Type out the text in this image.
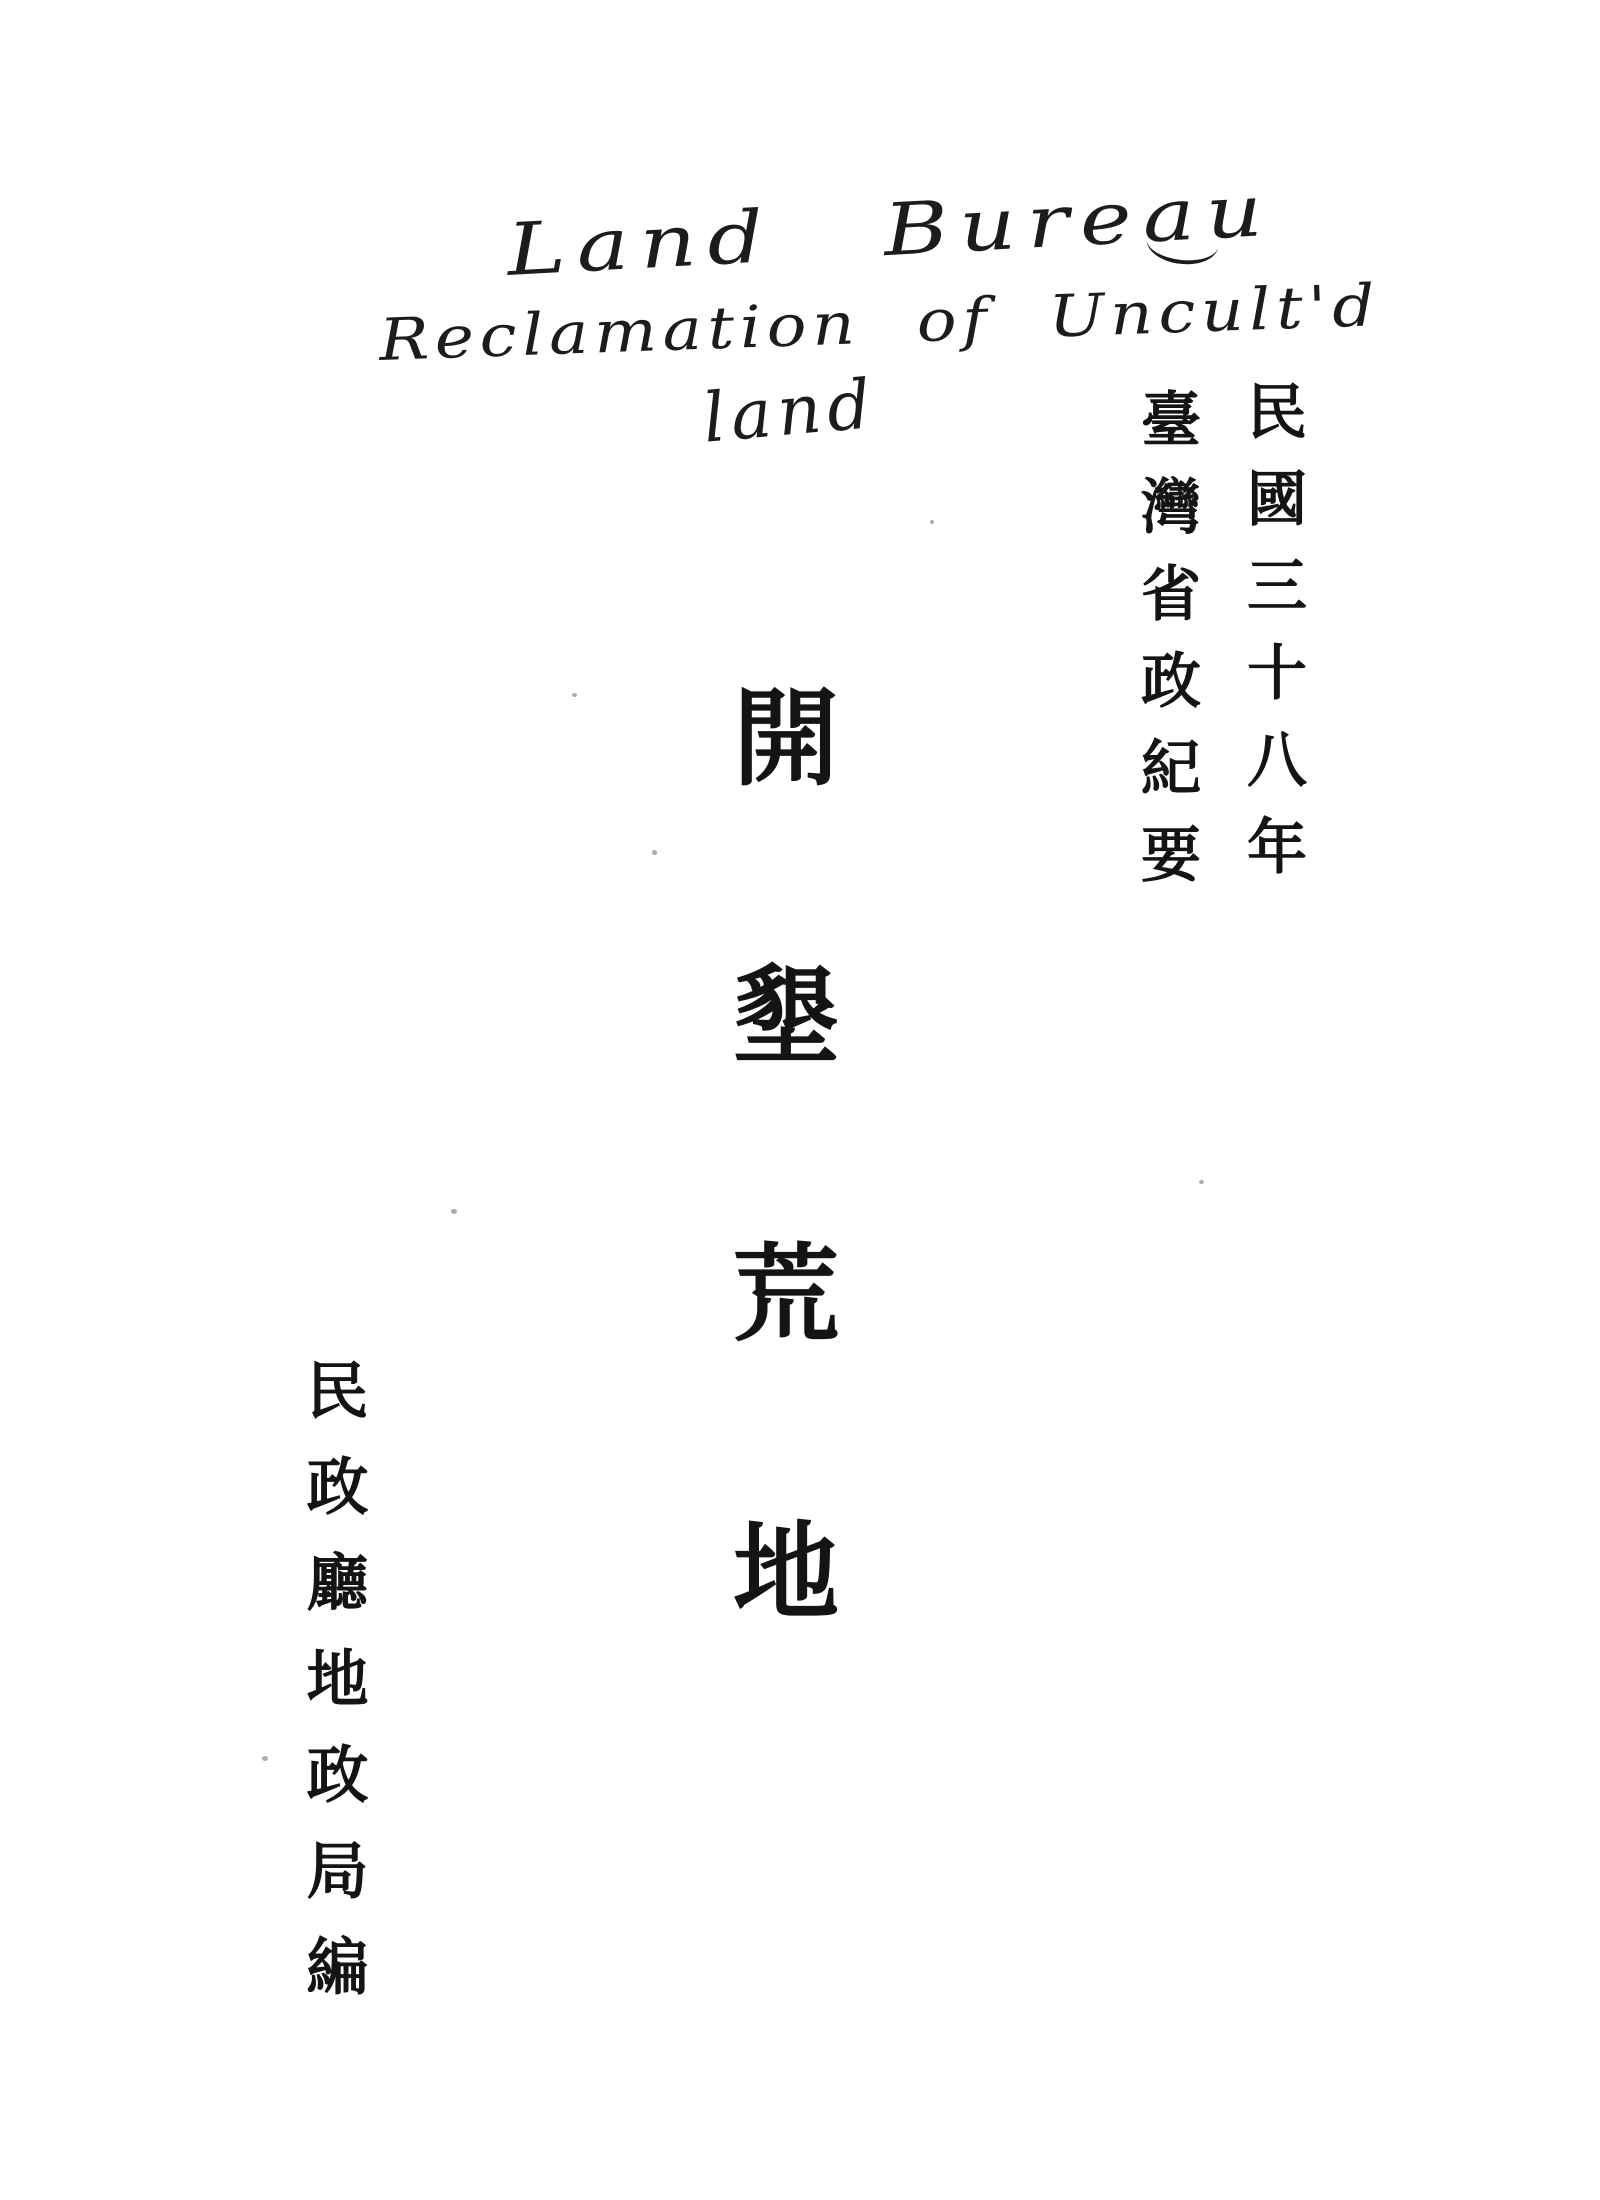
Land Bureau
Reclamation of Uncult'd
land	民國三十八年
臺灣省政紀要
開墾荒地
民政廳地政局編
